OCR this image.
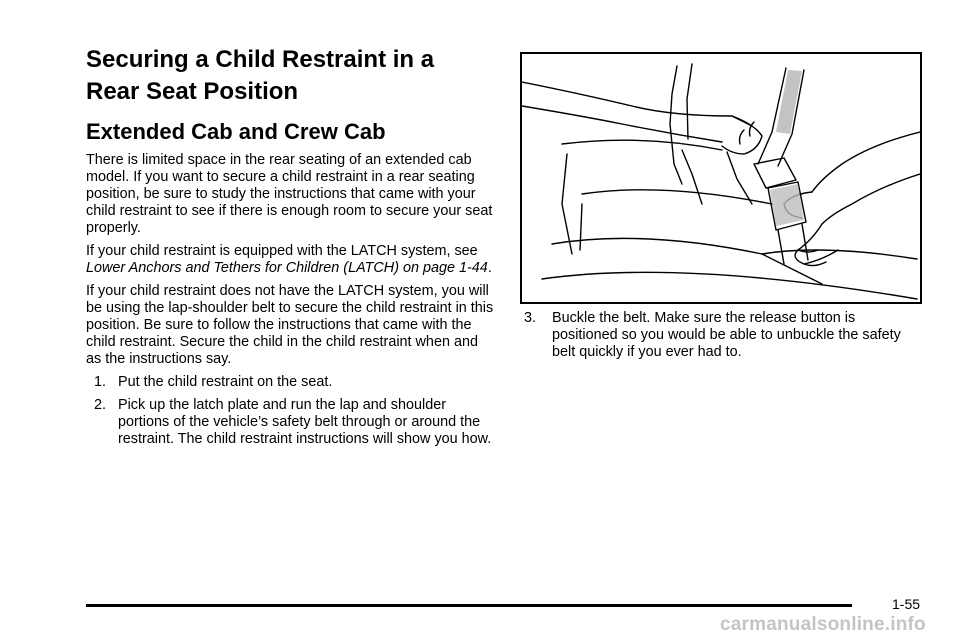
Securing a Child Restraint in a Rear Seat Position
Extended Cab and Crew Cab

There is limited space in the rear seating of an extended cab model. If you want to secure a child restraint in a rear seating position, be sure to study the instructions that came with your child restraint to see if there is enough room to secure your seat properly.

If your child restraint is equipped with the LATCH system, see Lower Anchors and Tethers for Children (LATCH) on page 1-44.

If your child restraint does not have the LATCH system, you will be using the lap-shoulder belt to secure the child restraint in this position. Be sure to follow the instructions that came with the child restraint. Secure the child in the child restraint when and as the instructions say.

1. Put the child restraint on the seat.
2. Pick up the latch plate and run the lap and shoulder portions of the vehicle’s safety belt through or around the restraint. The child restraint instructions will show you how.
3.	Buckle the belt. Make sure the release button is positioned so you would be able to unbuckle the safety belt quickly if you ever had to.
1-55
carmanualsonline.info
